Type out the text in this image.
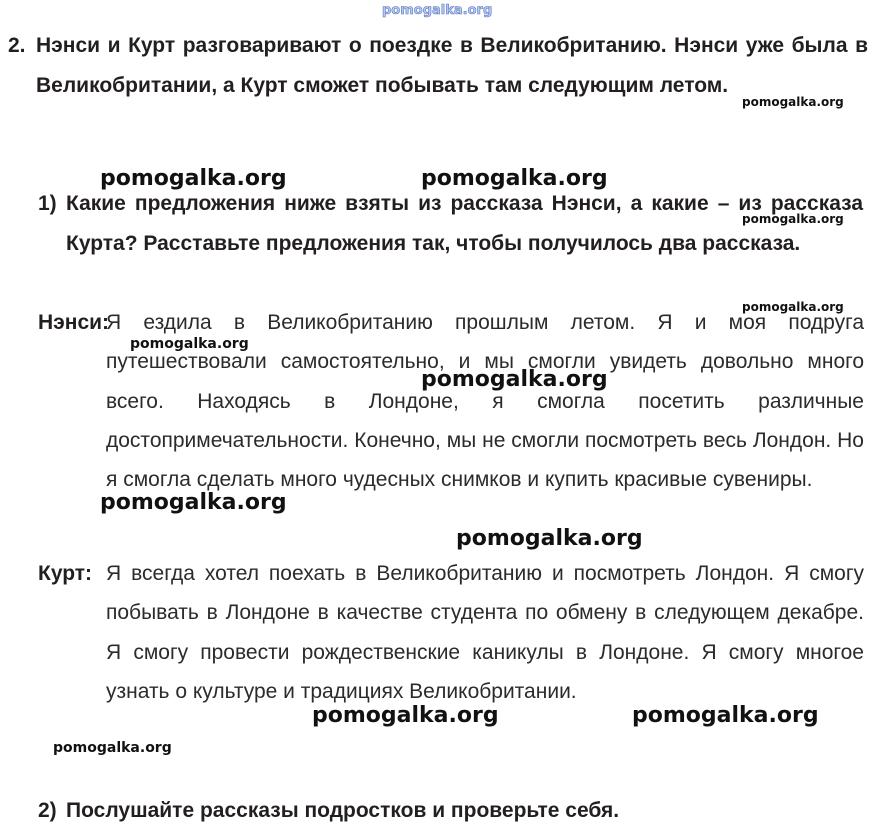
pomogalka.org
2. Нэнси и Курт разговаривают о поездке в Великобританию. Нэнси уже была в Великобритании, а Курт сможет побывать там следующим летом.
1) Какие предложения ниже взяты из рассказа Нэнси, а какие – из рассказа Курта? Расставьте предложения так, чтобы получилось два рассказа.
Нэнси:Я ездила в Великобританию прошлым летом. Я и моя подруга путешествовали самостоятельно, и мы смогли увидеть довольно много всего. Находясь в Лондоне, я смогла посетить различные достопримечательности. Конечно, мы не смогли посмотреть весь Лондон. Но я смогла сделать много чудесных снимков и купить красивые сувениры.
Курт: Я всегда хотел поехать в Великобританию и посмотреть Лондон. Я смогу побывать в Лондоне в качестве студента по обмену в следующем декабре. Я смогу провести рождественские каникулы в Лондоне. Я смогу многое узнать о культуре и традициях Великобритании.
2) Послушайте рассказы подростков и проверьте себя.
pomogalka.org
pomogalka.org	pomogalka.org
pomogalka.org
pomogalka.org
pomogalka.org
pomogalka.org
pomogalka.org
pomogalka.org
pomogalka.org	pomogalka.org
pomogalka.org
